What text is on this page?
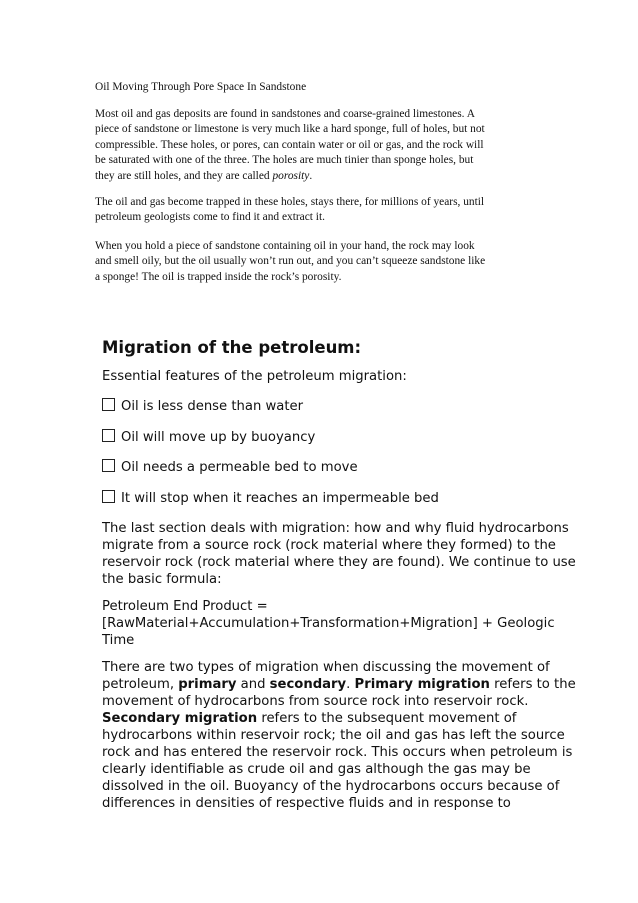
Oil Moving Through Pore Space In Sandstone
Most oil and gas deposits are found in sandstones and coarse-grained limestones. A
piece of sandstone or limestone is very much like a hard sponge, full of holes, but not
compressible. These holes, or pores, can contain water or oil or gas, and the rock will
be saturated with one of the three. The holes are much tinier than sponge holes, but
they are still holes, and they are called porosity.
The oil and gas become trapped in these holes, stays there, for millions of years, until
petroleum geologists come to find it and extract it.
When you hold a piece of sandstone containing oil in your hand, the rock may look
and smell oily, but the oil usually won’t run out, and you can’t squeeze sandstone like
a sponge! The oil is trapped inside the rock’s porosity.
Migration of the petroleum:
Essential features of the petroleum migration:
Oil is less dense than water
Oil will move up by buoyancy
Oil needs a permeable bed to move
It will stop when it reaches an impermeable bed
The last section deals with migration: how and why fluid hydrocarbons
migrate from a source rock (rock material where they formed) to the
reservoir rock (rock material where they are found). We continue to use
the basic formula:
Petroleum End Product =
[RawMaterial+Accumulation+Transformation+Migration] + Geologic
Time
There are two types of migration when discussing the movement of
petroleum, primary and secondary. Primary migration refers to the
movement of hydrocarbons from source rock into reservoir rock.
Secondary migration refers to the subsequent movement of
hydrocarbons within reservoir rock; the oil and gas has left the source
rock and has entered the reservoir rock. This occurs when petroleum is
clearly identifiable as crude oil and gas although the gas may be
dissolved in the oil. Buoyancy of the hydrocarbons occurs because of
differences in densities of respective fluids and in response to
